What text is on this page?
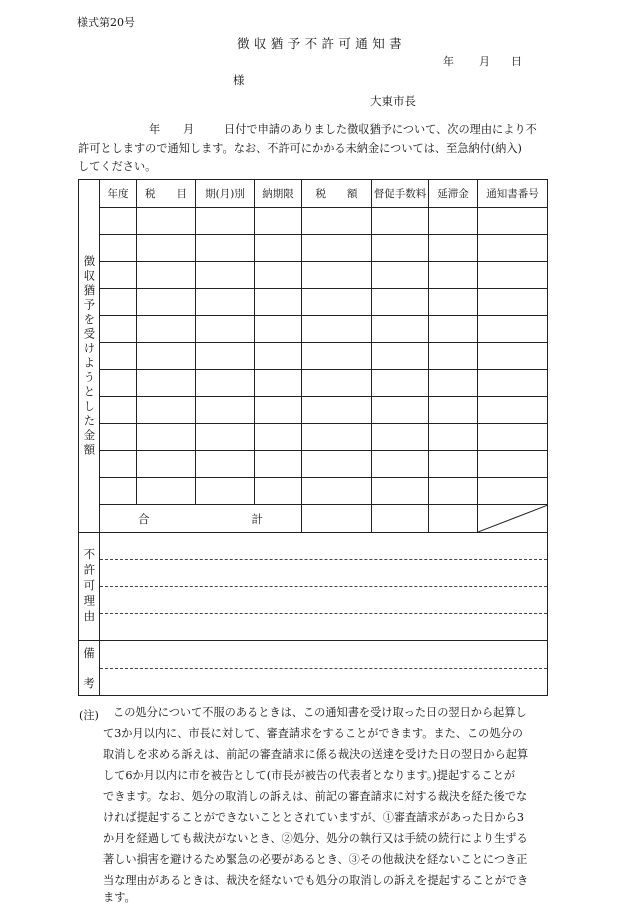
様式第20号
徴収猶予不許可通知書
年 月 日
様
大東市長
年 月	日付で申請のありました徴収猶予について、次の理由により不
許可としますので通知します。なお、不許可にかかる未納金については、至急納付(納入)
してください。
徴収猶予を受けようとした金額	年度	税　　目	期(月)別	納期限	税　　額	督促手数料	延滞金	通知書番号

	合 計

不許可理由								

備
考								

(注) この処分について不服のあるときは、この通知書を受け取った日の翌日から起算し
て3か月以内に、市長に対して、審査請求をすることができます。また、この処分の
取消しを求める訴えは、前記の審査請求に係る裁決の送達を受けた日の翌日から起算
して6か月以内に市を被告として(市長が被告の代表者となります。)提起することが
できます。なお、処分の取消しの訴えは、前記の審査請求に対する裁決を経た後でな
ければ提起することができないこととされていますが、①審査請求があった日から3
か月を経過しても裁決がないとき、②処分、処分の執行又は手続の続行により生ずる
著しい損害を避けるため緊急の必要があるとき、③その他裁決を経ないことにつき正
当な理由があるときは、裁決を経ないでも処分の取消しの訴えを提起することができ
ます。
